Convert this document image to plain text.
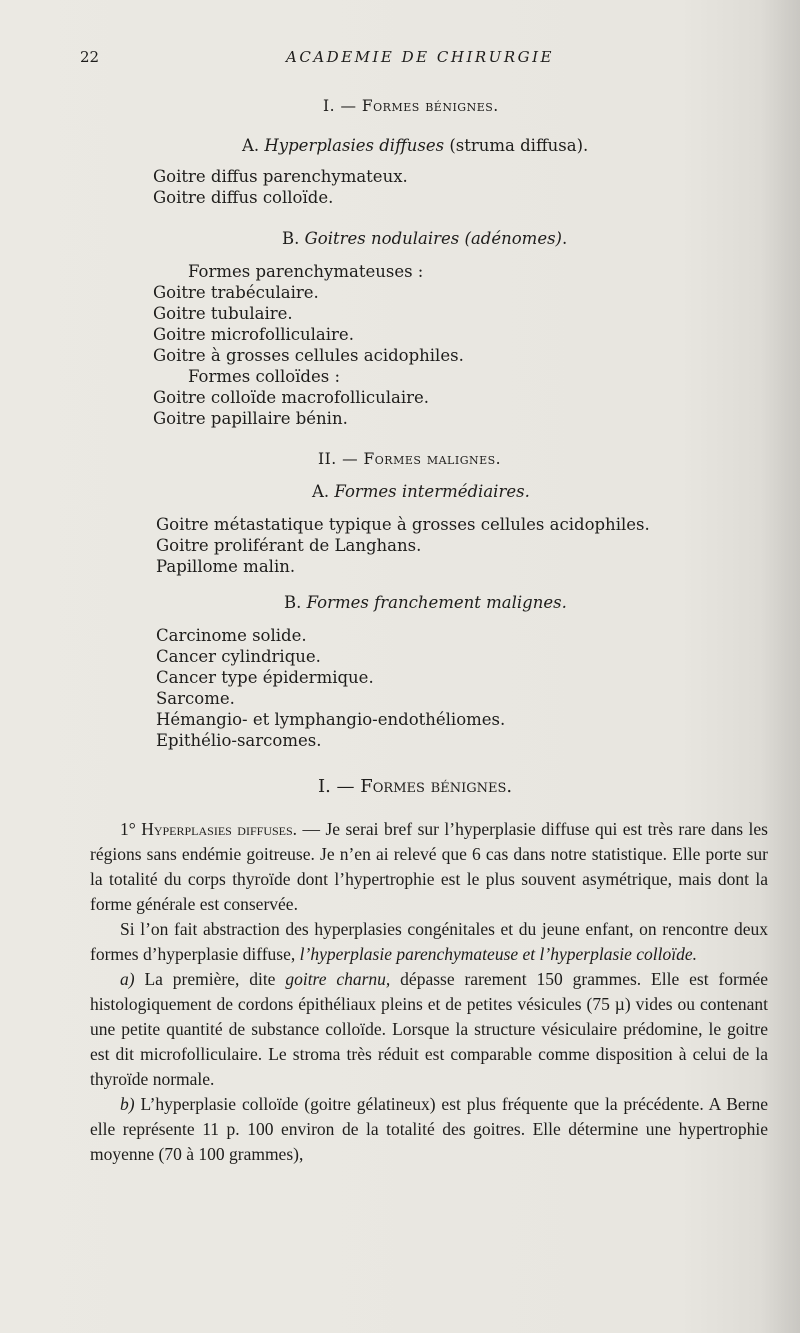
22	ACADEMIE DE CHIRURGIE
I. — Formes bénignes.
A. Hyperplasies diffuses (struma diffusa).
Goitre diffus parenchymateux.
Goitre diffus colloïde.
B. Goitres nodulaires (adénomes).
Formes parenchymateuses :
Goitre trabéculaire.
Goitre tubulaire.
Goitre microfolliculaire.
Goitre à grosses cellules acidophiles.
Formes colloïdes :
Goitre colloïde macrofolliculaire.
Goitre papillaire bénin.
II. — Formes malignes.
A. Formes intermédiaires.
Goitre métastatique typique à grosses cellules acidophiles.
Goitre proliférant de Langhans.
Papillome malin.
B. Formes franchement malignes.
Carcinome solide.
Cancer cylindrique.
Cancer type épidermique.
Sarcome.
Hémangio- et lymphangio-endothéliomes.
Epithélio-sarcomes.
I. — Formes bénignes.

1° Hyperplasies diffuses. — Je serai bref sur l’hyperplasie diffuse qui est très rare dans les régions sans endémie goitreuse. Je n’en ai relevé que 6 cas dans notre statistique. Elle porte sur la totalité du corps thyroïde dont l’hypertrophie est le plus souvent asymétrique, mais dont la forme générale est conservée.

Si l’on fait abstraction des hyperplasies congénitales et du jeune enfant, on rencontre deux formes d’hyperplasie diffuse, l’hyperplasie parenchymateuse et l’hyperplasie colloïde.

a) La première, dite goitre charnu, dépasse rarement 150 grammes. Elle est formée histologiquement de cordons épithéliaux pleins et de petites vésicules (75 µ) vides ou contenant une petite quantité de substance colloïde. Lorsque la structure vésiculaire prédomine, le goitre est dit microfolliculaire. Le stroma très réduit est comparable comme disposition à celui de la thyroïde normale.

b) L’hyperplasie colloïde (goitre gélatineux) est plus fréquente que la précédente. A Berne elle représente 11 p. 100 environ de la totalité des goitres. Elle détermine une hypertrophie moyenne (70 à 100 grammes),
